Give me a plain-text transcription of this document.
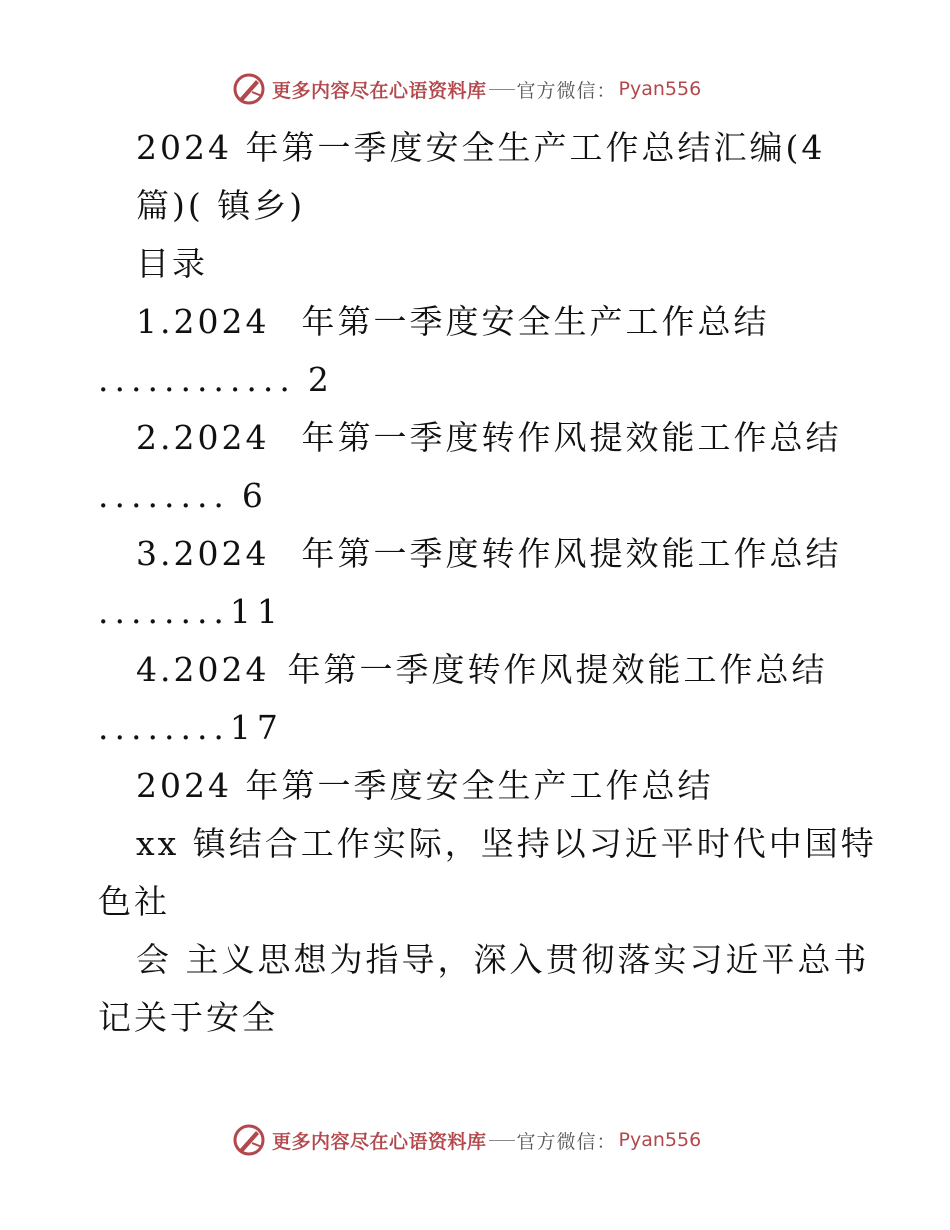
更多内容尽在心语资料库 官方微信： Pyan556
2024 年第一季度安全生产工作总结汇编(4
篇)( 镇乡)
目录
1.2024 年第一季度安全生产工作总结
............ 2
2.2024 年第一季度转作风提效能工作总结
........ 6
3.2024 年第一季度转作风提效能工作总结
........11
4.2024 年第一季度转作风提效能工作总结
........17
2024 年第一季度安全生产工作总结
xx 镇结合工作实际，坚持以习近平时代中国特
色社
会 主义思想为指导，深入贯彻落实习近平总书
记关于安全
更多内容尽在心语资料库 官方微信： Pyan556
